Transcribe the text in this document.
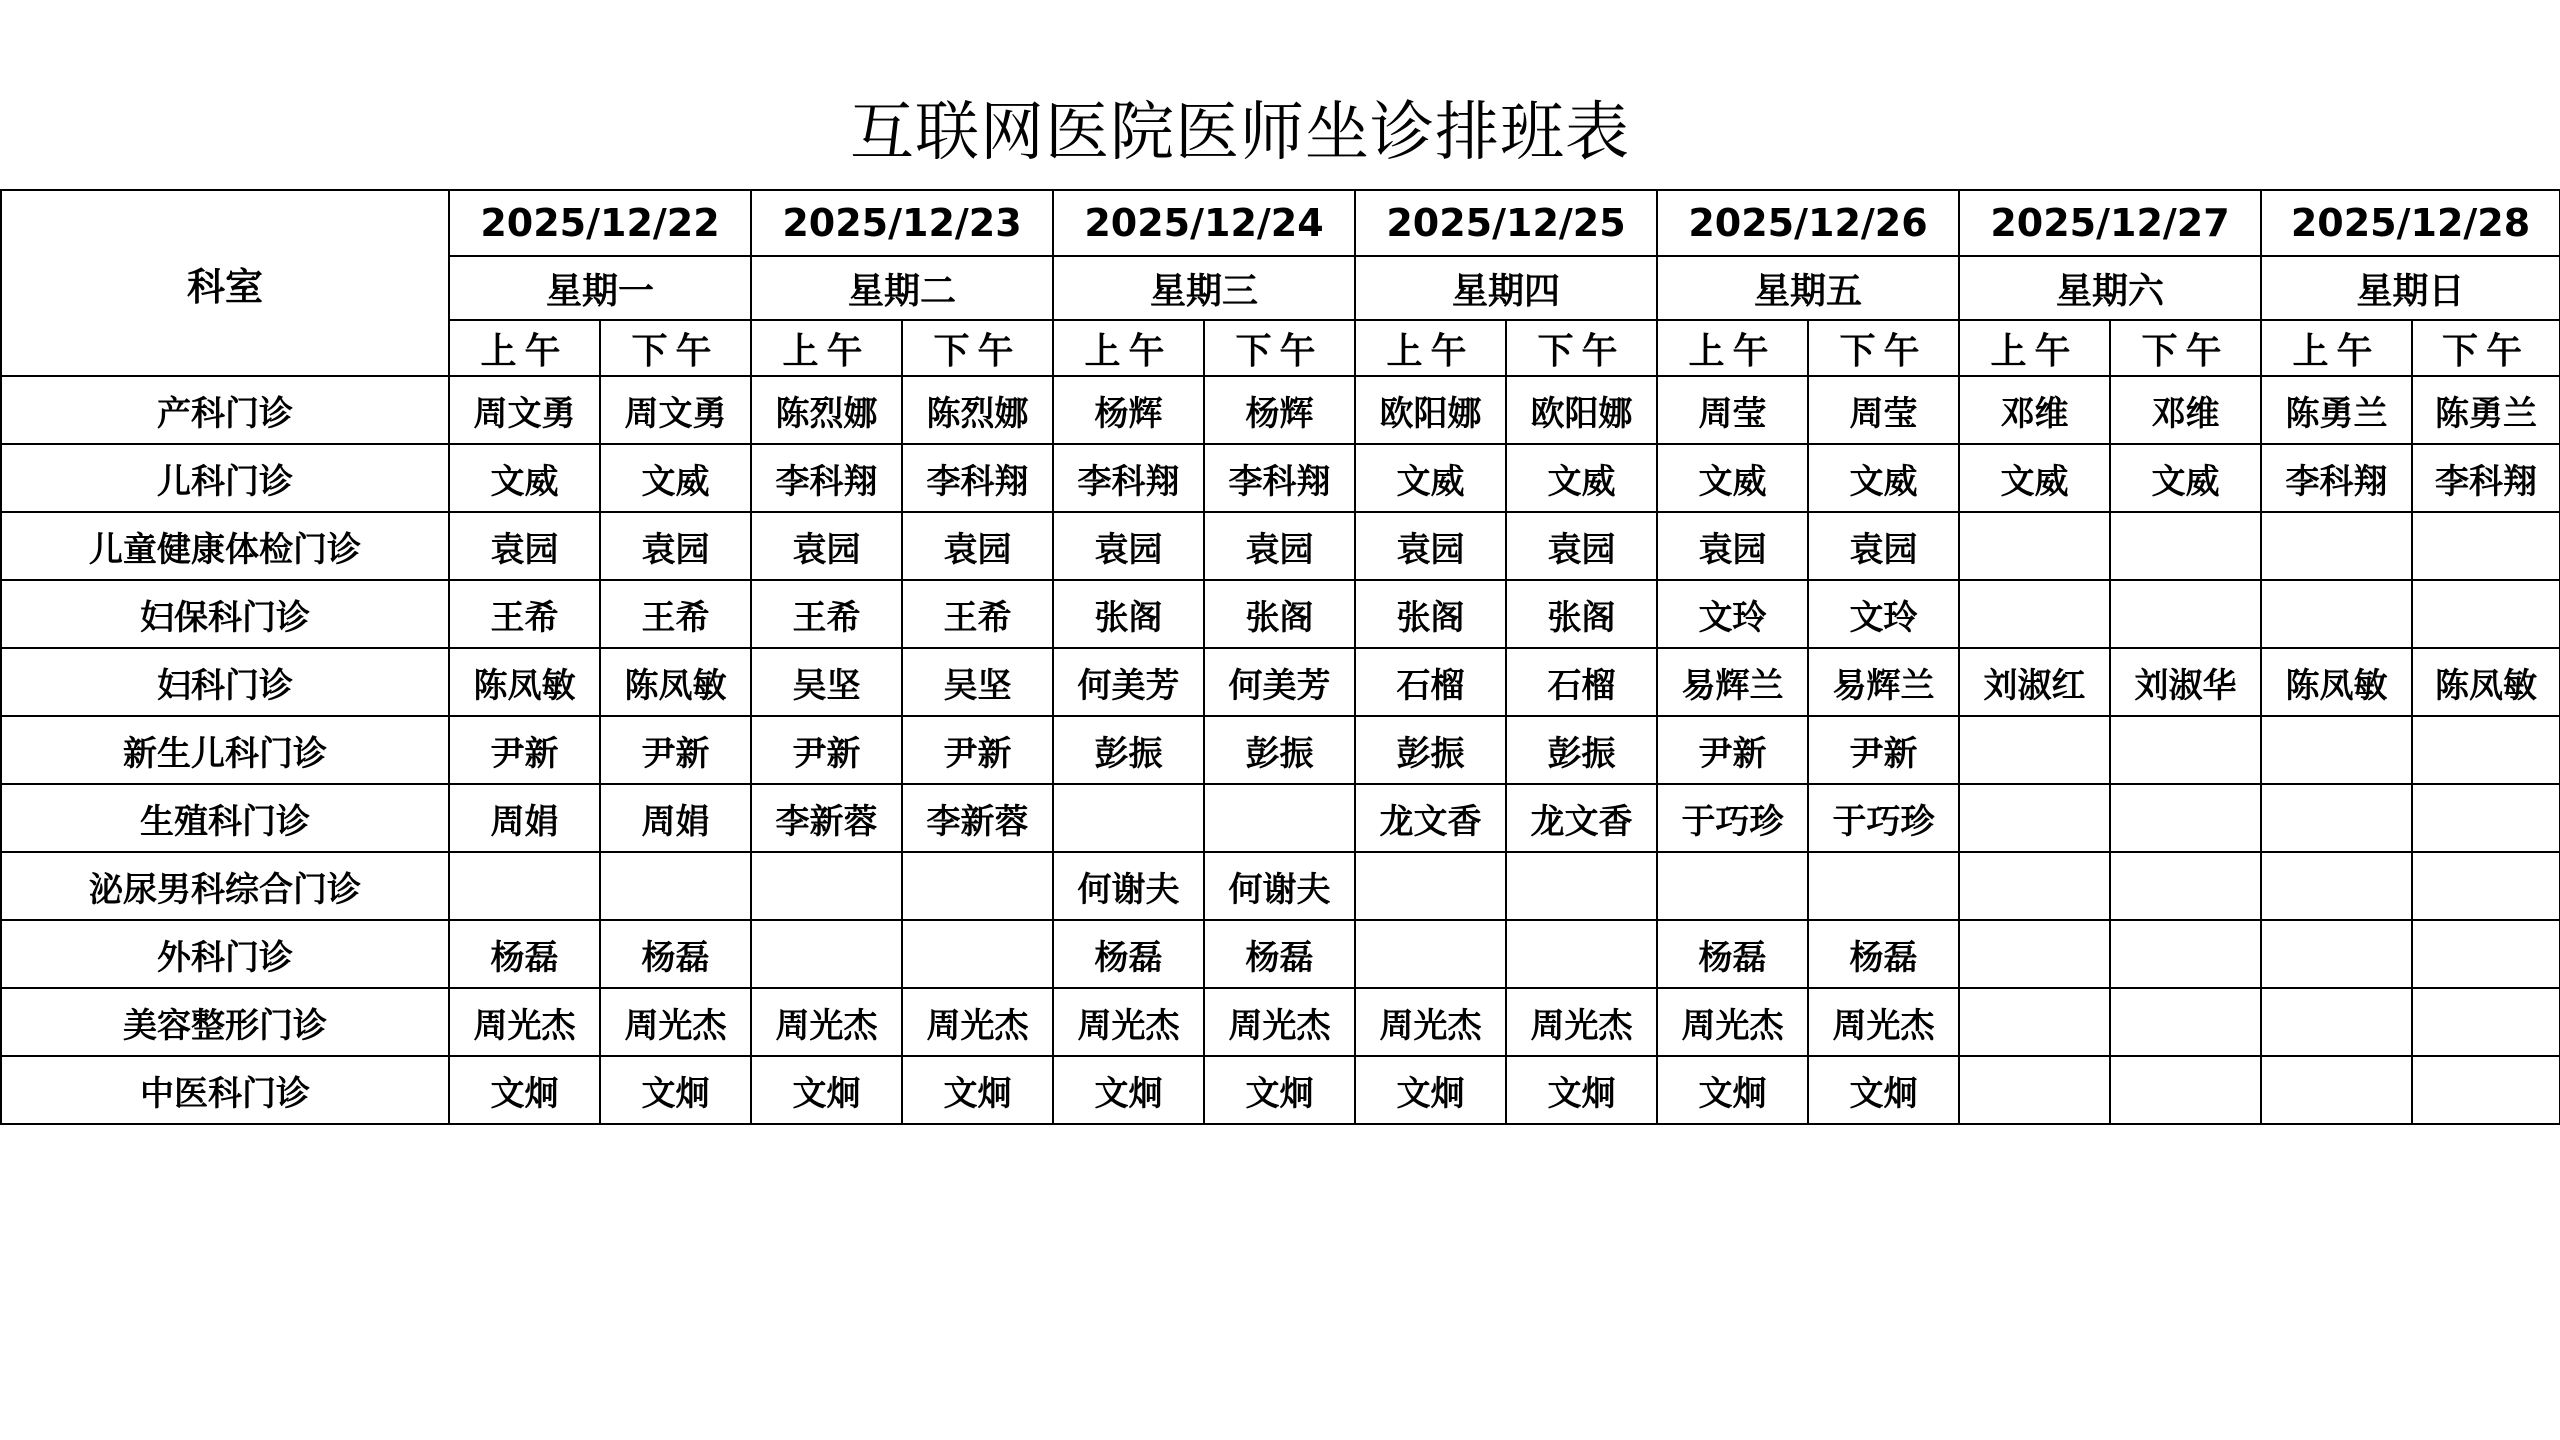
互联网医院医师坐诊排班表
科室	2025/12/22		2025/12/23		2025/12/24		2025/12/25		2025/12/26		2025/12/27		2025/12/28	
	星期一		星期二		星期三		星期四		星期五		星期六		星期日	
	上午	下午	上午	下午	上午	下午	上午	下午	上午	下午	上午	下午	上午	下午
产科门诊	周文勇	周文勇	陈烈娜	陈烈娜	杨辉	杨辉	欧阳娜	欧阳娜	周莹	周莹	邓维	邓维	陈勇兰	陈勇兰
儿科门诊	文威	文威	李科翔	李科翔	李科翔	李科翔	文威	文威	文威	文威	文威	文威	李科翔	李科翔
儿童健康体检门诊	袁园	袁园	袁园	袁园	袁园	袁园	袁园	袁园	袁园	袁园				
妇保科门诊	王希	王希	王希	王希	张阁	张阁	张阁	张阁	文玲	文玲				
妇科门诊	陈凤敏	陈凤敏	吴坚	吴坚	何美芳	何美芳	石榴	石榴	易辉兰	易辉兰	刘淑红	刘淑华	陈凤敏	陈凤敏
新生儿科门诊	尹新	尹新	尹新	尹新	彭振	彭振	彭振	彭振	尹新	尹新				
生殖科门诊	周娟	周娟	李新蓉	李新蓉			龙文香	龙文香	于巧珍	于巧珍				
泌尿男科综合门诊					何谢夫	何谢夫								
外科门诊	杨磊	杨磊			杨磊	杨磊			杨磊	杨磊				
美容整形门诊	周光杰	周光杰	周光杰	周光杰	周光杰	周光杰	周光杰	周光杰	周光杰	周光杰				
中医科门诊	文炯	文炯	文炯	文炯	文炯	文炯	文炯	文炯	文炯	文炯				
